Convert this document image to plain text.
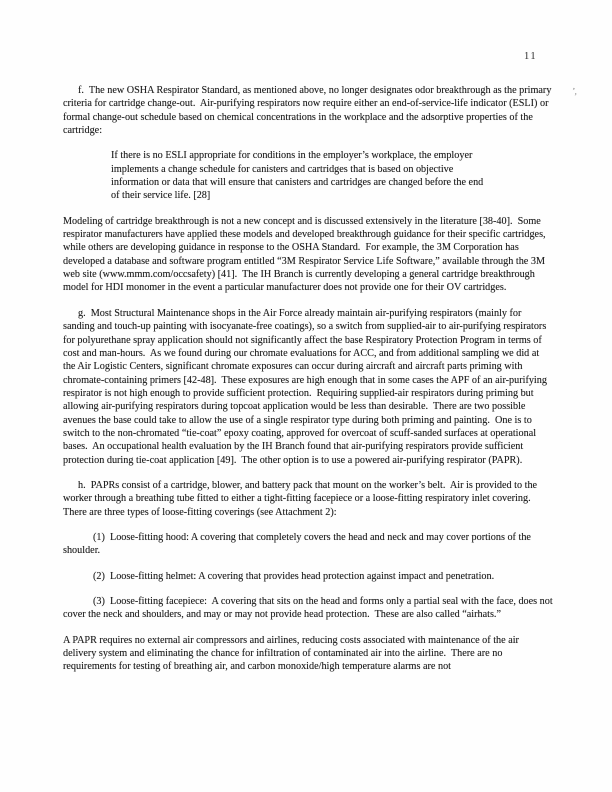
11
’,

f.  The new OSHA Respirator Standard, as mentioned above, no longer designates odor breakthrough as the primary criteria for cartridge change-out.  Air-purifying respirators now require either an end-of-service-life indicator (ESLI) or formal change-out schedule based on chemical concentrations in the workplace and the adsorptive properties of the cartridge:

If there is no ESLI appropriate for conditions in the employer’s workplace, the employer implements a change schedule for canisters and cartridges that is based on objective information or data that will ensure that canisters and cartridges are changed before the end of their service life. [28]

Modeling of cartridge breakthrough is not a new concept and is discussed extensively in the literature [38-40].  Some respirator manufacturers have applied these models and developed breakthrough guidance for their specific cartridges, while others are developing guidance in response to the OSHA Standard.  For example, the 3M Corporation has developed a database and software program entitled “3M Respirator Service Life Software,” available through the 3M web site (www.mmm.com/occsafety) [41].  The IH Branch is currently developing a general cartridge breakthrough model for HDI monomer in the event a particular manufacturer does not provide one for their OV cartridges.

g.  Most Structural Maintenance shops in the Air Force already maintain air-purifying respirators (mainly for sanding and touch-up painting with isocyanate-free coatings), so a switch from supplied-air to air-purifying respirators for polyurethane spray application should not significantly affect the base Respiratory Protection Program in terms of cost and man-hours.  As we found during our chromate evaluations for ACC, and from additional sampling we did at the Air Logistic Centers, significant chromate exposures can occur during aircraft and aircraft parts priming with chromate-containing primers [42-48].  These exposures are high enough that in some cases the APF of an air-purifying respirator is not high enough to provide sufficient protection.  Requiring supplied-air respirators during priming but allowing air-purifying respirators during topcoat application would be less than desirable.  There are two possible avenues the base could take to allow the use of a single respirator type during both priming and painting.  One is to switch to the non-chromated “tie-coat” epoxy coating, approved for overcoat of scuff-sanded surfaces at operational bases.  An occupational health evaluation by the IH Branch found that air-purifying respirators provide sufficient protection during tie-coat application [49].  The other option is to use a powered air-purifying respirator (PAPR).

h.  PAPRs consist of a cartridge, blower, and battery pack that mount on the worker’s belt.  Air is provided to the worker through a breathing tube fitted to either a tight-fitting facepiece or a loose-fitting respiratory inlet covering.  There are three types of loose-fitting coverings (see Attachment 2):

(1)  Loose-fitting hood: A covering that completely covers the head and neck and may cover portions of the shoulder.

(2)  Loose-fitting helmet: A covering that provides head protection against impact and penetration.

(3)  Loose-fitting facepiece:  A covering that sits on the head and forms only a partial seal with the face, does not cover the neck and shoulders, and may or may not provide head protection.  These are also called “airhats.”

A PAPR requires no external air compressors and airlines, reducing costs associated with maintenance of the air delivery system and eliminating the chance for infiltration of contaminated air into the airline.  There are no requirements for testing of breathing air, and carbon monoxide/high temperature alarms are not
